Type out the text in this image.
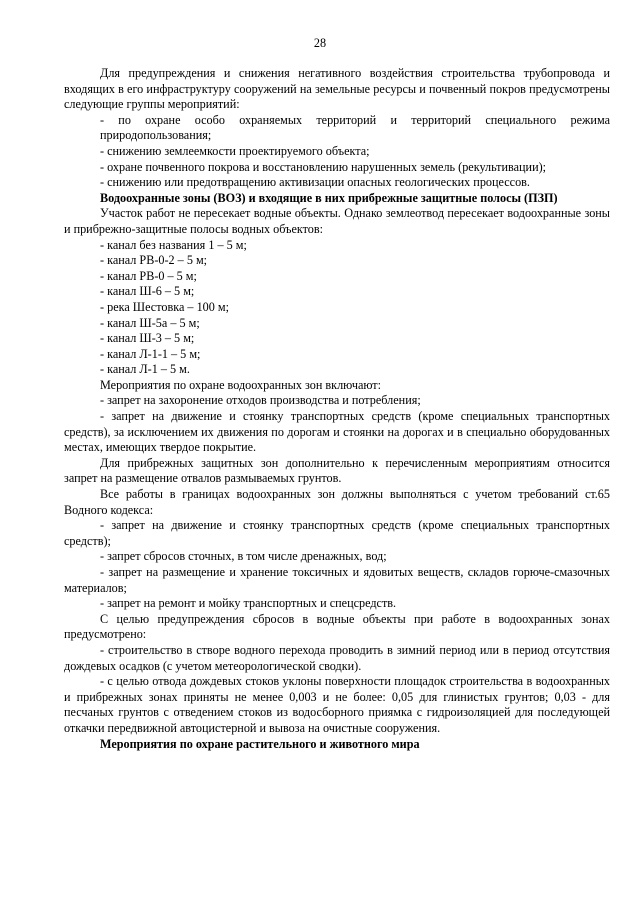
28

Для предупреждения и снижения негативного воздействия строительства трубопровода и входящих в его инфраструктуру сооружений на земельные ресурсы и почвенный покров предусмотрены следующие группы мероприятий:

- по охране особо охраняемых территорий и территорий специального режима природопользования;

- снижению землеемкости проектируемого объекта;

- охране почвенного покрова и восстановлению нарушенных земель (рекультивации);

- снижению или предотвращению активизации опасных геологических процессов.

Водоохранные зоны (ВОЗ) и входящие в них прибрежные защитные полосы (ПЗП)

Участок работ не пересекает водные объекты. Однако землеотвод пересекает водоохранные зоны и прибрежно-защитные полосы водных объектов:

- канал без названия 1 – 5 м;

- канал РВ-0-2 – 5 м;

- канал РВ-0 – 5 м;

- канал Ш-6 – 5 м;

- река Шестовка – 100 м;

- канал Ш-5а – 5 м;

- канал Ш-3 – 5 м;

- канал Л-1-1 – 5 м;

- канал Л-1 – 5 м.

Мероприятия по охране водоохранных зон включают:

- запрет на захоронение отходов производства и потребления;

- запрет на движение и стоянку транспортных средств (кроме специальных транспортных средств), за исключением их движения по дорогам и стоянки на дорогах и в специально оборудованных местах, имеющих твердое покрытие.

Для прибрежных защитных зон дополнительно к перечисленным мероприятиям относится запрет на размещение отвалов размываемых грунтов.

Все работы в границах водоохранных зон должны выполняться с учетом требований ст.65 Водного кодекса:

- запрет на движение и стоянку транспортных средств (кроме специальных транспортных средств);

- запрет сбросов сточных, в том числе дренажных, вод;

- запрет на размещение и хранение токсичных и ядовитых веществ, складов горюче-смазочных материалов;

- запрет на ремонт и мойку транспортных и спецсредств.

С целью предупреждения сбросов в водные объекты при работе в водоохранных зонах предусмотрено:

- строительство в створе водного перехода проводить в зимний период или в период отсутствия дождевых осадков (с учетом метеорологической сводки).

- с целью отвода дождевых стоков уклоны поверхности площадок строительства в водоохранных и прибрежных зонах приняты не менее 0,003 и не более: 0,05 для глинистых грунтов; 0,03 - для песчаных грунтов с отведением стоков из водосборного приямка с гидроизоляцией для последующей откачки передвижной автоцистерной и вывоза на очистные сооружения.

Мероприятия по охране растительного и животного мира
